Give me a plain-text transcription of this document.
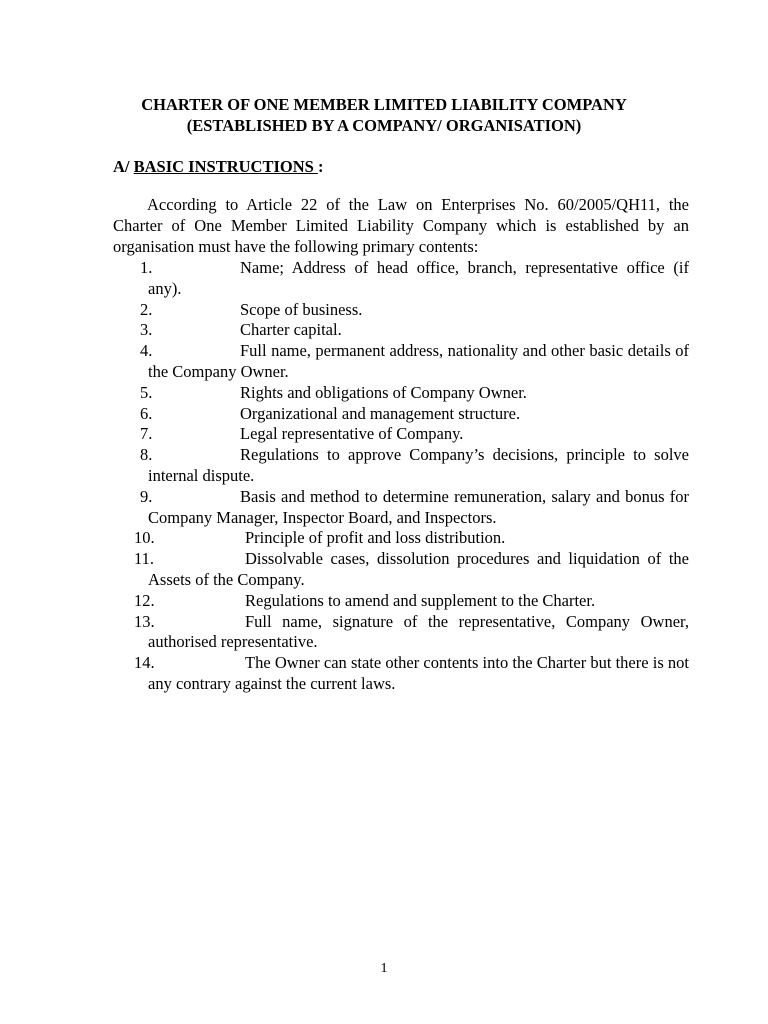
CHARTER OF ONE MEMBER LIMITED LIABILITY COMPANY
(ESTABLISHED BY A COMPANY/ ORGANISATION)
A/ BASIC INSTRUCTIONS :
According to Article 22 of the Law on Enterprises No. 60/2005/QH11, the Charter of One Member Limited Liability Company which is established by an organisation must have the following primary contents:
1.	Name; Address of head office, branch, representative office (if any).
2.	Scope of business.
3.	Charter capital.
4.	Full name, permanent address, nationality and other basic details of the Company Owner.
5.	Rights and obligations of Company Owner.
6.	Organizational and management structure.
7.	Legal representative of Company.
8.	Regulations to approve Company’s decisions, principle to solve internal dispute.
9.	Basis and method to determine remuneration, salary and bonus for Company Manager, Inspector Board, and Inspectors.
10.	Principle of profit and loss distribution.
11.	Dissolvable cases, dissolution procedures and liquidation of the Assets of the Company.
12.	Regulations to amend and supplement to the Charter.
13.	Full name, signature of the representative, Company Owner, authorised representative.
14.	The Owner can state other contents into the Charter but there is not any contrary against the current laws.
1
